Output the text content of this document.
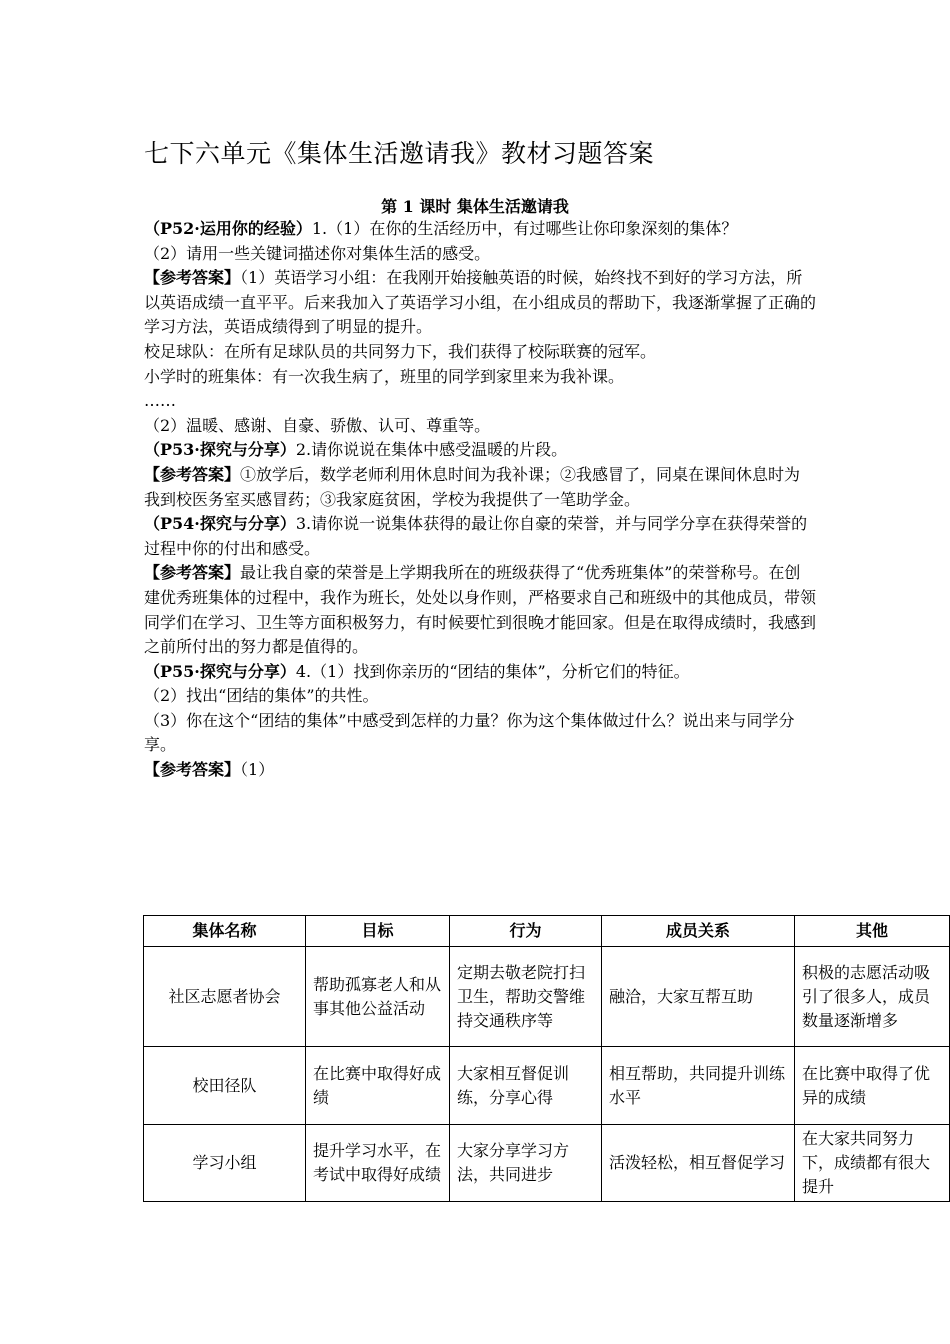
七下六单元《集体生活邀请我》教材习题答案
第 1 课时 集体生活邀请我

（P52·运用你的经验）1.（1）在你的生活经历中，有过哪些让你印象深刻的集体？

（2）请用一些关键词描述你对集体生活的感受。

【参考答案】（1）英语学习小组：在我刚开始接触英语的时候，始终找不到好的学习方法，所以英语成绩一直平平。后来我加入了英语学习小组，在小组成员的帮助下，我逐渐掌握了正确的学习方法，英语成绩得到了明显的提升。

校足球队：在所有足球队员的共同努力下，我们获得了校际联赛的冠军。

小学时的班集体：有一次我生病了，班里的同学到家里来为我补课。

……

（2）温暖、感谢、自豪、骄傲、认可、尊重等。

（P53·探究与分享）2.请你说说在集体中感受温暖的片段。

【参考答案】①放学后，数学老师利用休息时间为我补课；②我感冒了，同桌在课间休息时为我到校医务室买感冒药；③我家庭贫困，学校为我提供了一笔助学金。

（P54·探究与分享）3.请你说一说集体获得的最让你自豪的荣誉，并与同学分享在获得荣誉的过程中你的付出和感受。

【参考答案】最让我自豪的荣誉是上学期我所在的班级获得了“优秀班集体”的荣誉称号。在创建优秀班集体的过程中，我作为班长，处处以身作则，严格要求自己和班级中的其他成员，带领同学们在学习、卫生等方面积极努力，有时候要忙到很晚才能回家。但是在取得成绩时，我感到之前所付出的努力都是值得的。

（P55·探究与分享）4.（1）找到你亲历的“团结的集体”，分析它们的特征。

（2）找出“团结的集体”的共性。

（3）你在这个“团结的集体”中感受到怎样的力量？你为这个集体做过什么？说出来与同学分享。

【参考答案】（1）

集体名称	目标	行为	成员关系	其他
社区志愿者协会	帮助孤寡老人和从事其他公益活动	定期去敬老院打扫卫生，帮助交警维持交通秩序等	融洽，大家互帮互助	积极的志愿活动吸引了很多人，成员数量逐渐增多
校田径队	在比赛中取得好成绩	大家相互督促训练，分享心得	相互帮助，共同提升训练水平	在比赛中取得了优异的成绩
学习小组	提升学习水平，在考试中取得好成绩	大家分享学习方法，共同进步	活泼轻松，相互督促学习	在大家共同努力下，成绩都有很大提升
